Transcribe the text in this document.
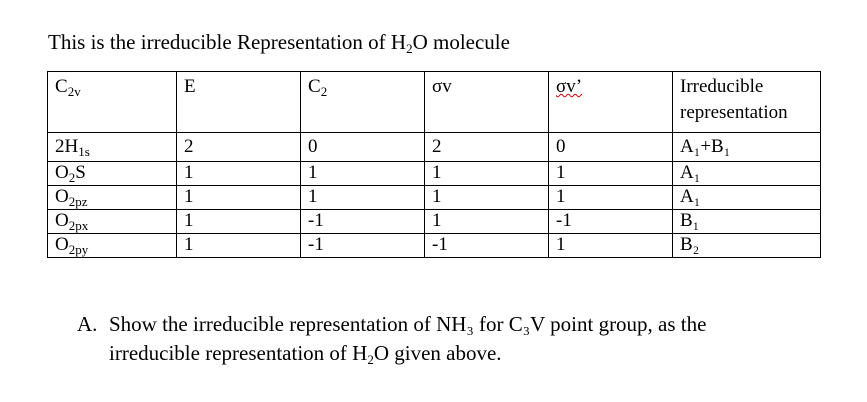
This is the irreducible Representation of H2O molecule
$C_{2v}$	E	$C_2$	σv	σv’	Irreducible representation
$2H_{1s}$	2	0	2	0	A₁+B₁
$O_2S$	1	1	1	1	A₁
$O_{2pz}$	1	1	1	1	A₁
$O_{2px}$	1	-1	1	-1	B₁
$O_{2py}$	1	-1	-1	1	B₂
A. Show the irreducible representation of NH₃ for C₃V point group, as the
irreducible representation of H2O given above.
